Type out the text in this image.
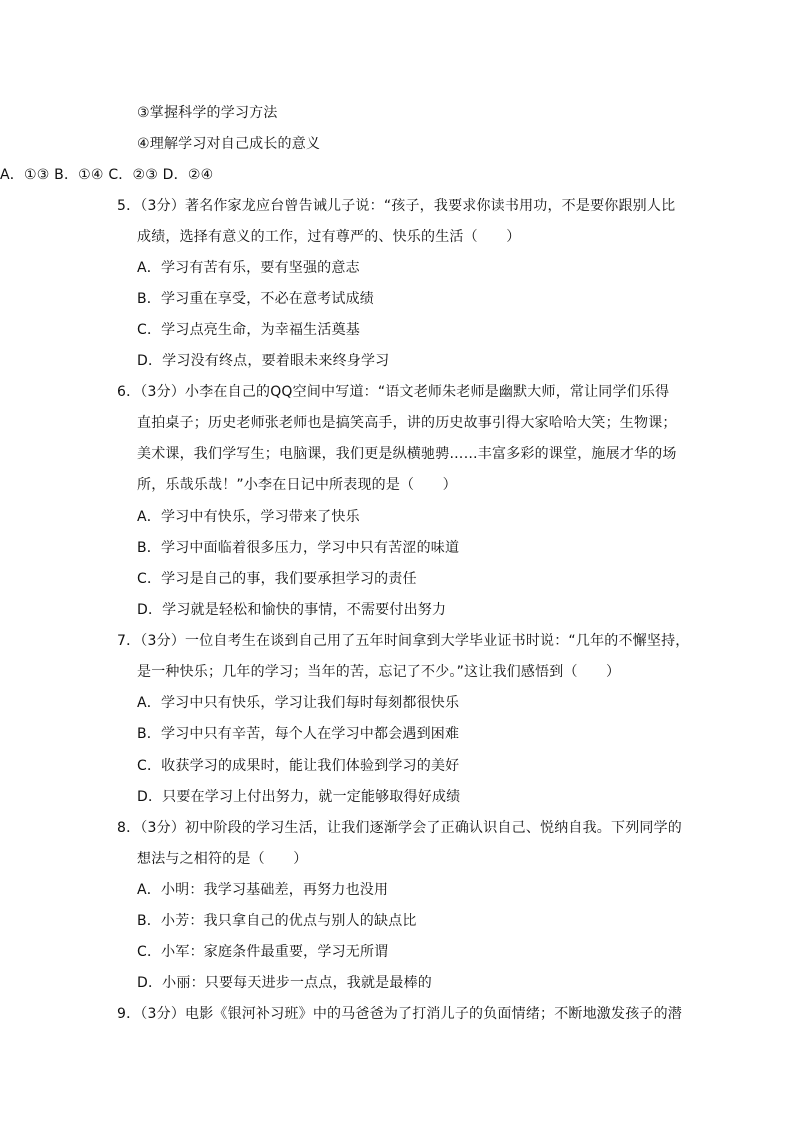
③掌握科学的学习方法
④理解学习对自己成长的意义
A．①③ B．①④ C．②③ D．②④
5．（3分）著名作家龙应台曾告诫儿子说：“孩子，我要求你读书用功，不是要你跟别人比
成绩，选择有意义的工作，过有尊严的、快乐的生活（　　）
A．学习有苦有乐，要有坚强的意志
B．学习重在享受，不必在意考试成绩
C．学习点亮生命，为幸福生活奠基
D．学习没有终点，要着眼未来终身学习
6．（3分）小李在自己的QQ空间中写道：“语文老师朱老师是幽默大师，常让同学们乐得
直拍桌子；历史老师张老师也是搞笑高手，讲的历史故事引得大家哈哈大笑；生物课；
美术课，我们学写生；电脑课，我们更是纵横驰骋……丰富多彩的课堂，施展才华的场
所，乐哉乐哉！”小李在日记中所表现的是（　　）
A．学习中有快乐，学习带来了快乐
B．学习中面临着很多压力，学习中只有苦涩的味道
C．学习是自己的事，我们要承担学习的责任
D．学习就是轻松和愉快的事情，不需要付出努力
7．（3分）一位自考生在谈到自己用了五年时间拿到大学毕业证书时说：“几年的不懈坚持，
是一种快乐；几年的学习；当年的苦，忘记了不少。”这让我们感悟到（　　）
A．学习中只有快乐，学习让我们每时每刻都很快乐
B．学习中只有辛苦，每个人在学习中都会遇到困难
C．收获学习的成果时，能让我们体验到学习的美好
D．只要在学习上付出努力，就一定能够取得好成绩
8．（3分）初中阶段的学习生活，让我们逐渐学会了正确认识自己、悦纳自我。下列同学的
想法与之相符的是（　　）
A．小明：我学习基础差，再努力也没用
B．小芳：我只拿自己的优点与别人的缺点比
C．小军：家庭条件最重要，学习无所谓
D．小丽：只要每天进步一点点，我就是最棒的
9．（3分）电影《银河补习班》中的马爸爸为了打消儿子的负面情绪；不断地激发孩子的潜
